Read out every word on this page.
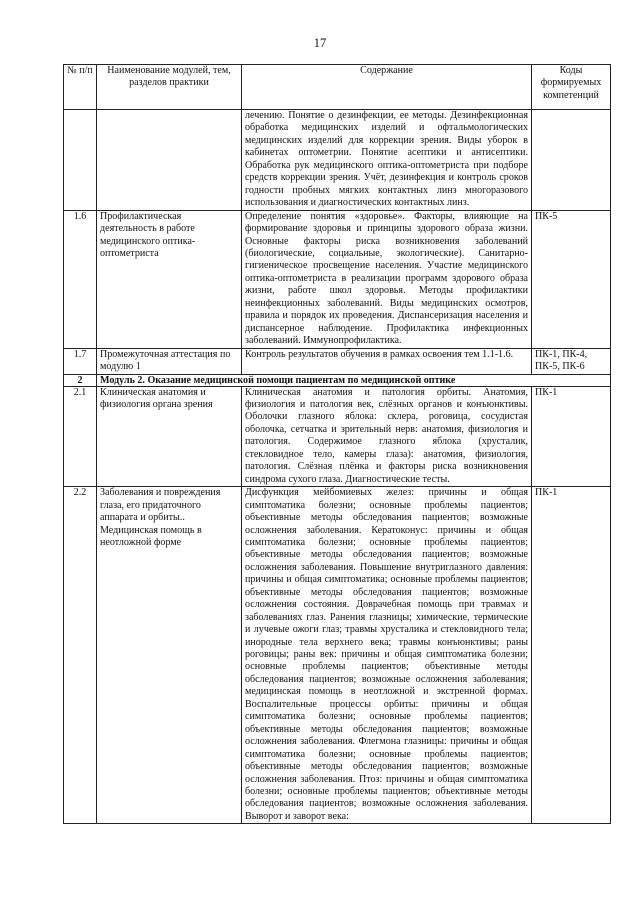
17
№ п/п	Наименование модулей, тем, разделов практики	Содержание	Коды формируемых компетенций
		лечению. Понятие о дезинфекции, ее методы. Дезинфекционная обработка медицинских изделий и офтальмологических медицинских изделий для коррекции зрения. Виды уборок в кабинетах оптометрии. Понятие асептики и антисептики. Обработка рук медицинского оптика-оптометриста при подборе средств коррекции зрения. Учёт, дезинфекция и контроль сроков годности пробных мягких контактных линз многоразового использования и диагностических контактных линз.	
1.6	Профилактическая деятельность в работе медицинского оптика-оптометриста	Определение понятия «здоровье». Факторы, влияющие на формирование здоровья и принципы здорового образа жизни. Основные факторы риска возникновения заболеваний (биологические, социальные, экологические). Санитарно-гигиеническое просвещение населения. Участие медицинского оптика-оптометриста в реализации программ здорового образа жизни, работе школ здоровья. Методы профилактики неинфекционных заболеваний. Виды медицинских осмотров, правила и порядок их проведения. Диспансеризация населения и диспансерное наблюдение. Профилактика инфекционных заболеваний. Иммунопрофилактика.	ПК-5
1.7	Промежуточная аттестация по модулю 1	Контроль результатов обучения в рамках освоения тем 1.1-1.6.	ПК-1, ПК-4, ПК-5, ПК-6
2	Модуль 2. Оказание медицинской помощи пациентам по медицинской оптике		
2.1	Клиническая анатомия и физиология органа зрения	Клиническая анатомия и патология орбиты. Анатомия, физиология и патология век, слёзных органов и конъюнктивы. Оболочки глазного яблока: склера, роговица, сосудистая оболочка, сетчатка и зрительный нерв: анатомия, физиология и патология. Содержимое глазного яблока (хрусталик, стекловидное тело, камеры глаза): анатомия, физиология, патология. Слёзная плёнка и факторы риска возникновения синдрома сухого глаза. Диагностические тесты.	ПК-1
2.2	Заболевания и повреждения глаза, его придаточного аппарата и орбиты.. Медицинская помощь в неотложной форме	Дисфункция мейбомиевых желез: причины и общая симптоматика болезни; основные проблемы пациентов; объективные методы обследования пациентов; возможные осложнения заболевания. Кератоконус: причины и общая симптоматика болезни; основные проблемы пациентов; объективные методы обследования пациентов; возможные осложнения заболевания. Повышение внутриглазного давления: причины и общая симптоматика; основные проблемы пациентов; объективные методы обследования пациентов; возможные осложнения состояния. Доврачебная помощь при травмах и заболеваниях глаз. Ранения глазницы; химические, термические и лучевые ожоги глаз; травмы хрусталика и стекловидного тела; инородные тела верхнего века; травмы конъюнктивы; раны роговицы; раны век: причины и общая симптоматика болезни; основные проблемы пациентов; объективные методы обследования пациентов; возможные осложнения заболевания; медицинская помощь в неотложной и экстренной формах. Воспалительные процессы орбиты: причины и общая симптоматика болезни; основные проблемы пациентов; объективные методы обследования пациентов; возможные осложнения заболевания. Флегмона глазницы: причины и общая симптоматика болезни; основные проблемы пациентов; объективные методы обследования пациентов; возможные осложнения заболевания. Птоз: причины и общая симптоматика болезни; основные проблемы пациентов; объективные методы обследования пациентов; возможные осложнения заболевания. Выворот и заворот века:	ПК-1
